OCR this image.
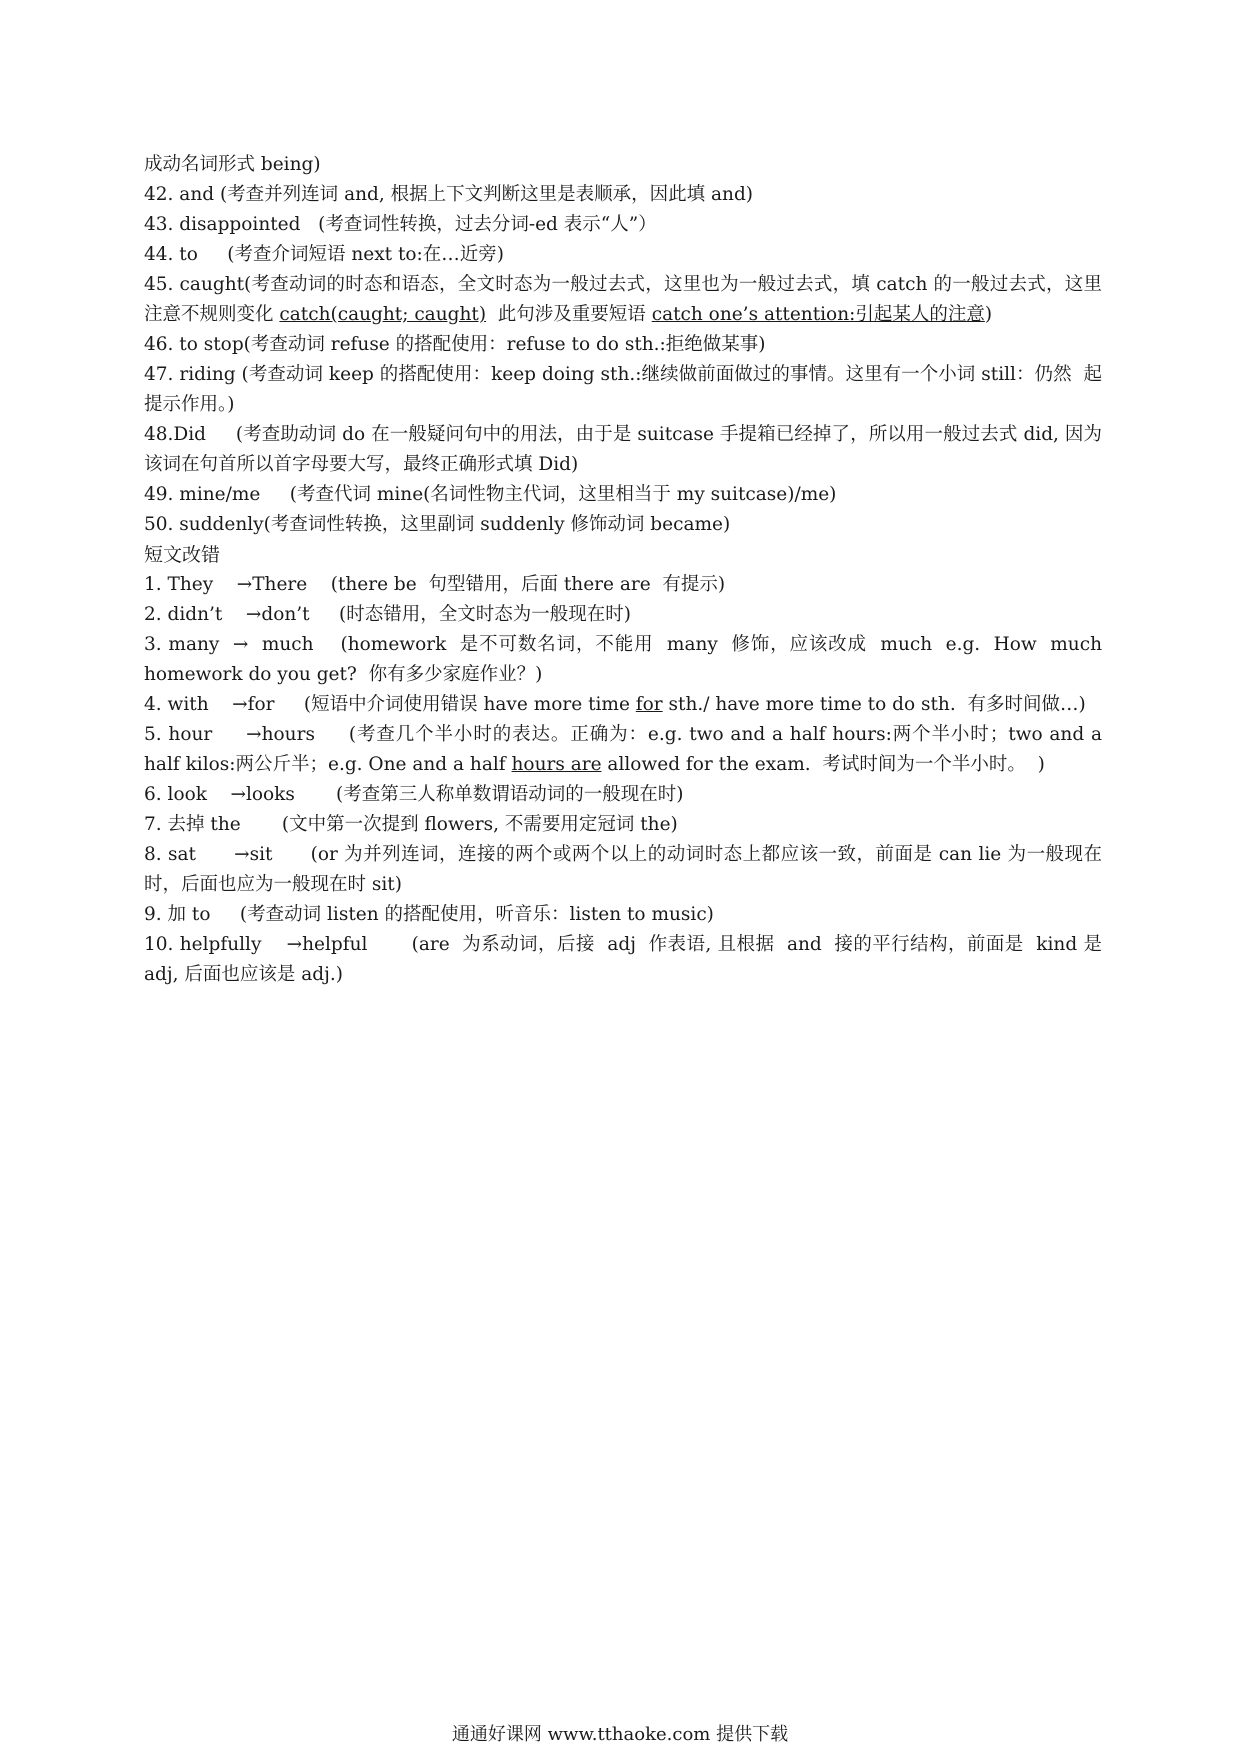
成动名词形式 being)
42. and (考查并列连词 and, 根据上下文判断这里是表顺承，因此填 and)
43. disappointed   (考查词性转换，过去分词-ed 表示“人”）
44. to     (考查介词短语 next to:在…近旁)
45. caught(考查动词的时态和语态，全文时态为一般过去式，这里也为一般过去式，填 catch 的一般过去式，这里注意不规则变化 catch(caught; caught)  此句涉及重要短语 catch one’s attention:引起某人的注意)
46. to stop(考查动词 refuse 的搭配使用：refuse to do sth.:拒绝做某事)
47. riding (考查动词 keep 的搭配使用：keep doing sth.:继续做前面做过的事情。这里有一个小词 still：仍然  起提示作用。)
48.Did     (考查助动词 do 在一般疑问句中的用法，由于是 suitcase 手提箱已经掉了，所以用一般过去式 did, 因为该词在句首所以首字母要大写，最终正确形式填 Did)
49. mine/me     (考查代词 mine(名词性物主代词，这里相当于 my suitcase)/me)
50. suddenly(考查词性转换，这里副词 suddenly 修饰动词 became)
短文改错
1. They    →There    (there be  句型错用，后面 there are  有提示)
2. didn’t    →don’t     (时态错用，全文时态为一般现在时)
3. many  →  much    (homework  是不可数名词，不能用  many  修饰，应该改成  much  e.g.  How  much homework do you get?  你有多少家庭作业？)
4. with    →for     (短语中介词使用错误 have more time for sth./ have more time to do sth.  有多时间做…)
5. hour     →hours     (考查几个半小时的表达。正确为：e.g. two and a half hours:两个半小时；two and a half kilos:两公斤半；e.g. One and a half hours are allowed for the exam.  考试时间为一个半小时。  )
6. look    →looks       (考查第三人称单数谓语动词的一般现在时)
7. 去掉 the       (文中第一次提到 flowers, 不需要用定冠词 the)
8. sat      →sit      (or 为并列连词，连接的两个或两个以上的动词时态上都应该一致，前面是 can lie 为一般现在时，后面也应为一般现在时 sit)
9. 加 to     (考查动词 listen 的搭配使用，听音乐：listen to music)
10. helpfully    →helpful       (are  为系动词，后接  adj  作表语, 且根据  and  接的平行结构，前面是  kind 是 adj, 后面也应该是 adj.)
通通好课网 www.tthaoke.com 提供下载
